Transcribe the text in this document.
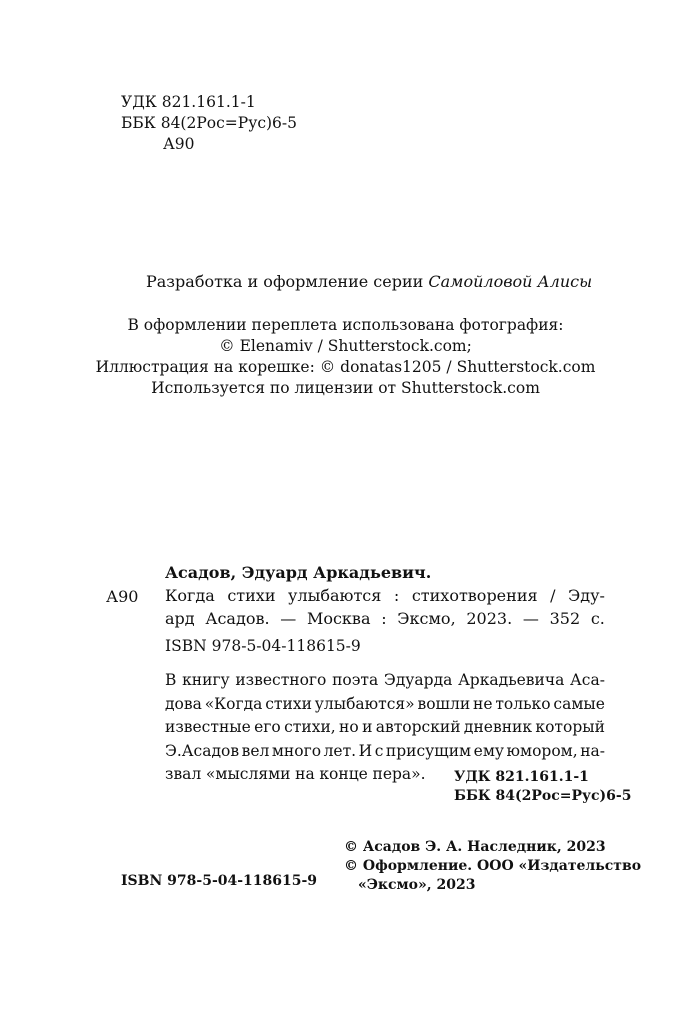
УДК 821.161.1-1
ББК 84(2Рос=Рус)6-5
А90
Разработка и оформление серии Самойловой Алисы
В оформлении переплета использована фотография:
© Elenamiv / Shutterstock.com;
Иллюстрация на корешке: © donatas1205 / Shutterstock.com
Используется по лицензии от Shutterstock.com
Асадов, Эдуард Аркадьевич.
А90 Когда стихи улыбаются : стихотворения / Эду-
ард Асадов. — Москва : Эксмо, 2023. — 352 с.
ISBN 978-5-04-118615-9
В книгу известного поэта Эдуарда Аркадьевича Аса-
дова «Когда стихи улыбаются» вошли не только самые
известные его стихи, но и авторский дневник который
Э.Асадов вел много лет. И с присущим ему юмором, на-
звал «мыслями на конце пера». УДК 821.161.1-1
ББК 84(2Рос=Рус)6-5
© Асадов Э. А. Наследник, 2023
© Оформление. ООО «Издательство
«Эксмо», 2023
ISBN 978-5-04-118615-9
